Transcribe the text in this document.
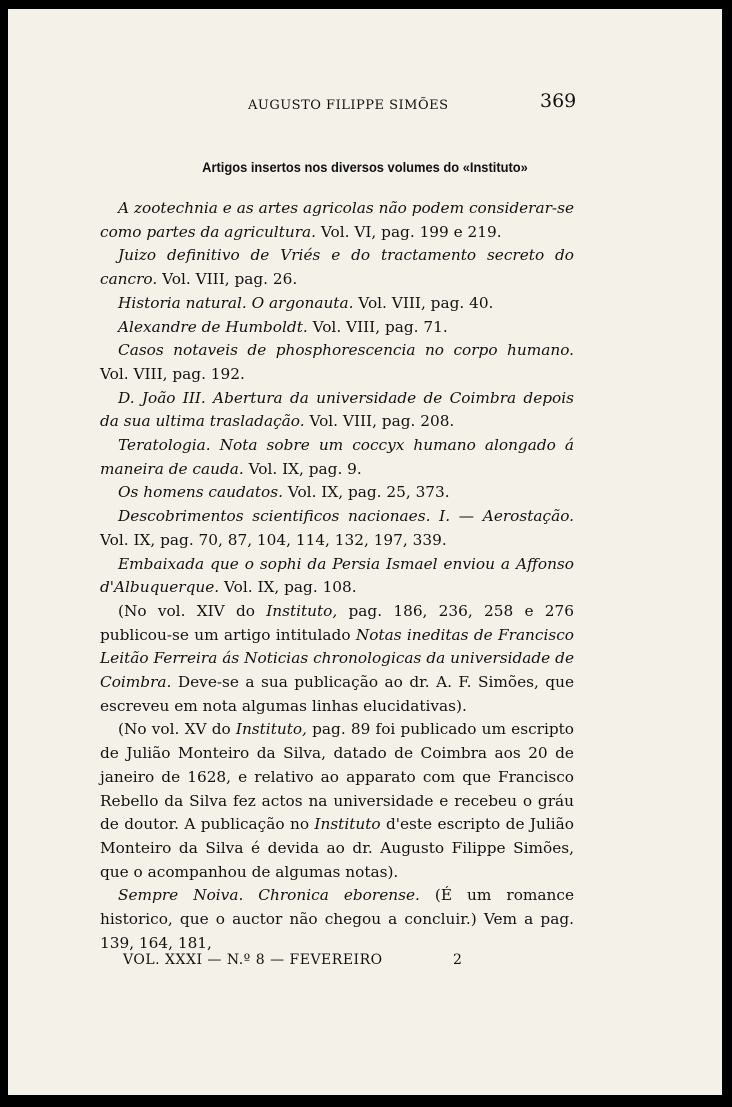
AUGUSTO FILIPPE SIMÕES	369
Artigos insertos nos diversos volumes do «Instituto»

A zootechnia e as artes agricolas não podem considerar-se como partes da agricultura. Vol. VI, pag. 199 e 219.

Juizo definitivo de Vriés e do tractamento secreto do cancro. Vol. VIII, pag. 26.

Historia natural. O argonauta. Vol. VIII, pag. 40.

Alexandre de Humboldt. Vol. VIII, pag. 71.

Casos notaveis de phosphorescencia no corpo humano. Vol. VIII, pag. 192.

D. João III. Abertura da universidade de Coimbra depois da sua ultima trasladação. Vol. VIII, pag. 208.

Teratologia. Nota sobre um coccyx humano alongado á maneira de cauda. Vol. IX, pag. 9.

Os homens caudatos. Vol. IX, pag. 25, 373.

Descobrimentos scientificos nacionaes. I. — Aerostação. Vol. IX, pag. 70, 87, 104, 114, 132, 197, 339.

Embaixada que o sophi da Persia Ismael enviou a Affonso d'Albuquerque. Vol. IX, pag. 108.

(No vol. XIV do Instituto, pag. 186, 236, 258 e 276 publicou-se um artigo intitulado Notas ineditas de Francisco Leitão Ferreira ás Noticias chronologicas da universidade de Coimbra. Deve-se a sua publicação ao dr. A. F. Simões, que escreveu em nota algumas linhas elucidativas).

(No vol. XV do Instituto, pag. 89 foi publicado um escripto de Julião Monteiro da Silva, datado de Coimbra aos 20 de janeiro de 1628, e relativo ao apparato com que Francisco Rebello da Silva fez actos na universidade e recebeu o gráu de doutor. A publicação no Instituto d'este escripto de Julião Monteiro da Silva é devida ao dr. Augusto Filippe Simões, que o acompanhou de algumas notas).

Sempre Noiva. Chronica eborense. (É um romance historico, que o auctor não chegou a concluir.) Vem a pag. 139, 164, 181,

VOL. XXXI — N.º 8 — FEVEREIRO	2
